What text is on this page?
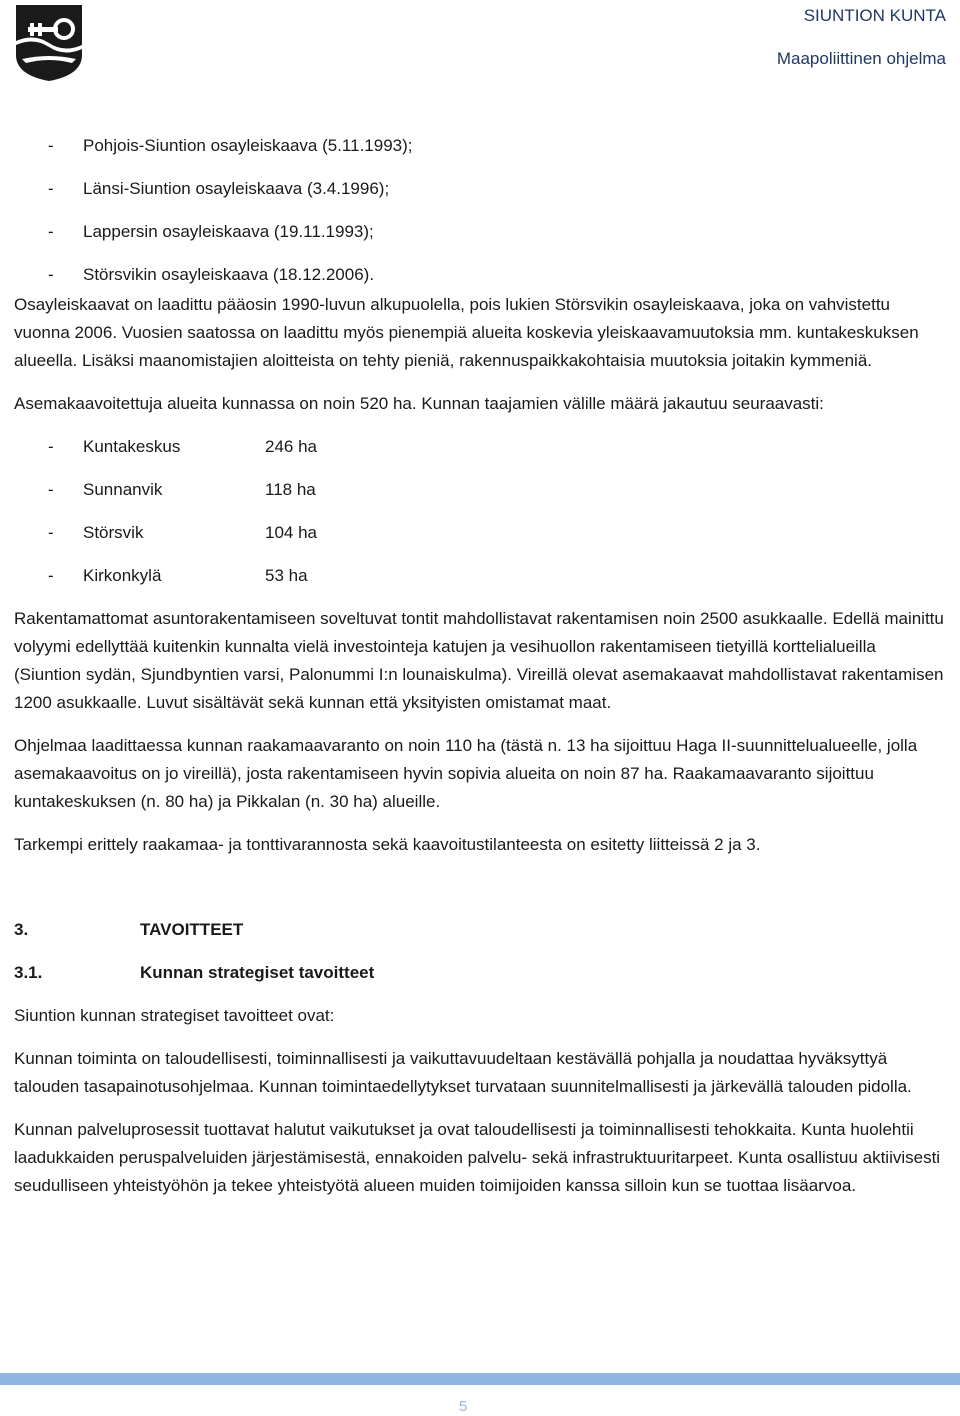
SIUNTION KUNTA
Maapoliittinen ohjelma
-	Pohjois-Siuntion osayleiskaava (5.11.1993);
-	Länsi-Siuntion osayleiskaava (3.4.1996);
-	Lappersin osayleiskaava (19.11.1993);
-	Störsvikin osayleiskaava (18.12.2006).

Osayleiskaavat on laadittu pääosin 1990-luvun alkupuolella, pois lukien Störsvikin osayleiskaava, joka on vahvistettu vuonna 2006. Vuosien saatossa on laadittu myös pienempiä alueita koskevia yleiskaavamuutoksia mm. kuntakeskuksen alueella. Lisäksi maanomistajien aloitteista on tehty pieniä, rakennuspaikkakohtaisia muutoksia joitakin kymmeniä.

Asemakaavoitettuja alueita kunnassa on noin 520 ha. Kunnan taajamien välille määrä jakautuu seuraavasti:

-	Kuntakeskus	246 ha
-	Sunnanvik	118 ha
-	Störsvik	104 ha
-	Kirkonkylä	53 ha

Rakentamattomat asuntorakentamiseen soveltuvat tontit mahdollistavat rakentamisen noin 2500 asukkaalle. Edellä mainittu volyymi edellyttää kuitenkin kunnalta vielä investointeja katujen ja vesihuollon rakentamiseen tietyillä korttelialueilla (Siuntion sydän, Sjundbyntien varsi, Palonummi I:n lounaiskulma). Vireillä olevat asemakaavat mahdollistavat rakentamisen 1200 asukkaalle. Luvut sisältävät sekä kunnan että yksityisten omistamat maat.

Ohjelmaa laadittaessa kunnan raakamaavaranto on noin 110 ha (tästä n. 13 ha sijoittuu Haga II-suunnittelualueelle, jolla asemakaavoitus on jo vireillä), josta rakentamiseen hyvin sopivia alueita on noin 87 ha. Raakamaavaranto sijoittuu kuntakeskuksen (n. 80 ha) ja Pikkalan (n. 30 ha) alueille.

Tarkempi erittely raakamaa- ja tonttivarannosta sekä kaavoitustilanteesta on esitetty liitteissä 2 ja 3.

3.	TAVOITTEET
3.1.	Kunnan strategiset tavoitteet

Siuntion kunnan strategiset tavoitteet ovat:

Kunnan toiminta on taloudellisesti, toiminnallisesti ja vaikuttavuudeltaan kestävällä pohjalla ja noudattaa hyväksyttyä talouden tasapainotusohjelmaa. Kunnan toimintaedellytykset turvataan suunnitelmallisesti ja järkevällä talouden pidolla.

Kunnan palveluprosessit tuottavat halutut vaikutukset ja ovat taloudellisesti ja toiminnallisesti tehokkaita. Kunta huolehtii laadukkaiden peruspalveluiden järjestämisestä, ennakoiden palvelu- sekä infrastruktuuritarpeet. Kunta osallistuu aktiivisesti seudulliseen yhteistyöhön ja tekee yhteistyötä alueen muiden toimijoiden kanssa silloin kun se tuottaa lisäarvoa.

5
